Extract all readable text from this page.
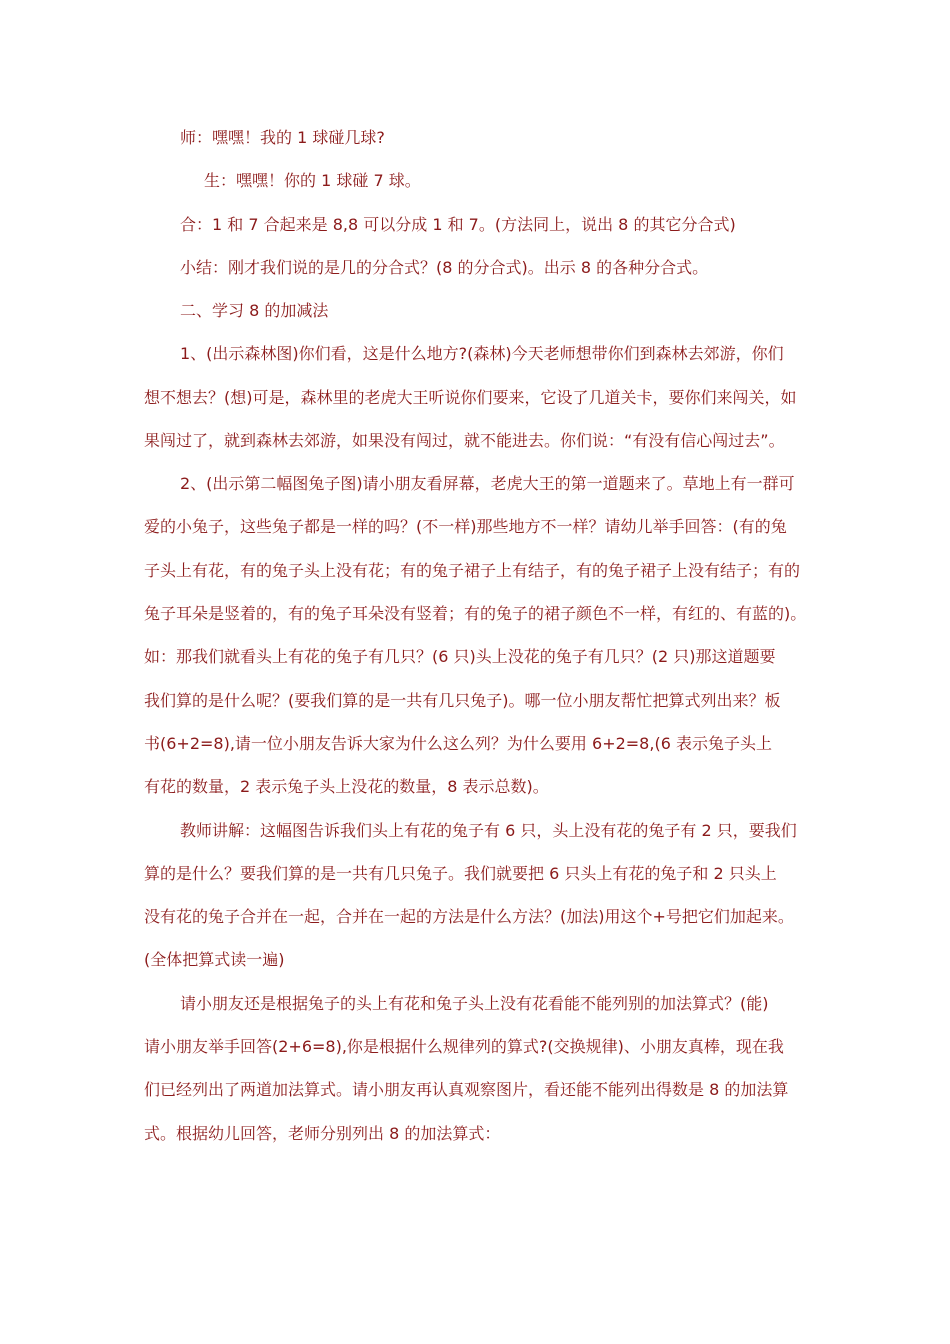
师：嘿嘿！我的 1 球碰几球?
生：嘿嘿！你的 1 球碰 7 球。
合：1 和 7 合起来是 8,8 可以分成 1 和 7。(方法同上，说出 8 的其它分合式)
小结：刚才我们说的是几的分合式？(8 的分合式)。出示 8 的各种分合式。
二、学习 8 的加减法
1、(出示森林图)你们看，这是什么地方?(森林)今天老师想带你们到森林去郊游，你们
想不想去？(想)可是，森林里的老虎大王听说你们要来，它设了几道关卡，要你们来闯关，如
果闯过了，就到森林去郊游，如果没有闯过，就不能进去。你们说：“有没有信心闯过去”。
2、(出示第二幅图兔子图)请小朋友看屏幕，老虎大王的第一道题来了。草地上有一群可
爱的小兔子，这些兔子都是一样的吗？(不一样)那些地方不一样？请幼儿举手回答：(有的兔
子头上有花，有的兔子头上没有花；有的兔子裙子上有结子，有的兔子裙子上没有结子；有的
兔子耳朵是竖着的，有的兔子耳朵没有竖着；有的兔子的裙子颜色不一样，有红的、有蓝的)。
如：那我们就看头上有花的兔子有几只？(6 只)头上没花的兔子有几只？(2 只)那这道题要
我们算的是什么呢？(要我们算的是一共有几只兔子)。哪一位小朋友帮忙把算式列出来？板
书(6+2=8),请一位小朋友告诉大家为什么这么列？为什么要用 6+2=8,(6 表示兔子头上
有花的数量，2 表示兔子头上没花的数量，8 表示总数)。
教师讲解：这幅图告诉我们头上有花的兔子有 6 只，头上没有花的兔子有 2 只，要我们
算的是什么？要我们算的是一共有几只兔子。我们就要把 6 只头上有花的兔子和 2 只头上
没有花的兔子合并在一起，合并在一起的方法是什么方法？(加法)用这个+号把它们加起来。
(全体把算式读一遍)
请小朋友还是根据兔子的头上有花和兔子头上没有花看能不能列别的加法算式？(能)
请小朋友举手回答(2+6=8),你是根据什么规律列的算式?(交换规律)、小朋友真棒，现在我
们已经列出了两道加法算式。请小朋友再认真观察图片，看还能不能列出得数是 8 的加法算
式。根据幼儿回答，老师分别列出 8 的加法算式：
